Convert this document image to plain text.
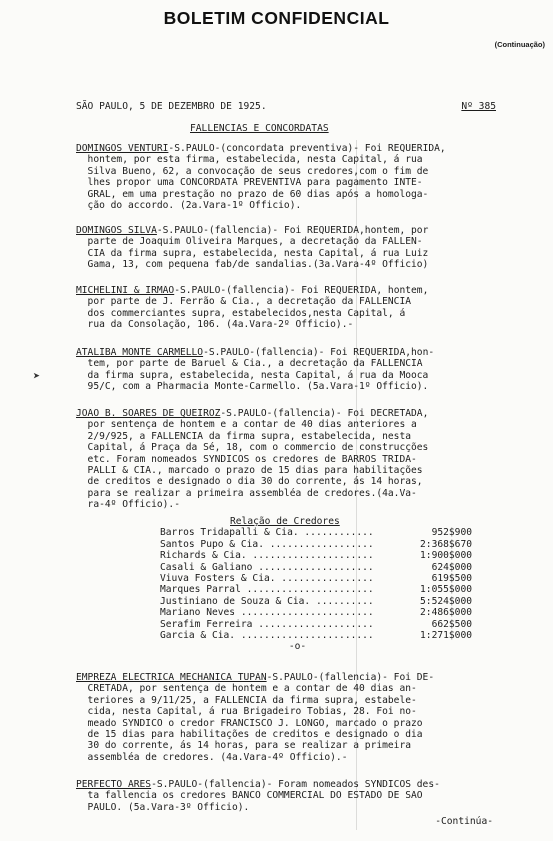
BOLETIM CONFIDENCIAL
(Continuação)
SÃO PAULO, 5 DE DEZEMBRO DE 1925.	Nº 385
FALLENCIAS E CONCORDATAS
➤
DOMINGOS VENTURI-S.PAULO-(concordata preventiva)- Foi REQUERIDA,
hontem, por esta firma, estabelecida, nesta Capital, á rua
Silva Bueno, 62, a convocação de seus credores,com o fim de
lhes propor uma CONCORDATA PREVENTIVA para pagamento INTE-
GRAL, em uma prestação no prazo de 60 dias após a homologa-
ção do accordo. (2a.Vara-1º Officio).
DOMINGOS SILVA-S.PAULO-(fallencia)- Foi REQUERIDA,hontem, por
parte de Joaquim Oliveira Marques, a decretação da FALLEN-
CIA da firma supra, estabelecida, nesta Capital, á rua Luiz
Gama, 13, com pequena fab/de sandalias.(3a.Vara-4º Officio)
MICHELINI & IRMÃO-S.PAULO-(fallencia)- Foi REQUERIDA, hontem,
por parte de J. Ferrão & Cia., a decretação da FALLENCIA
dos commerciantes supra, estabelecidos,nesta Capital, á
rua da Consolação, 106. (4a.Vara-2º Officio).-
ATALIBA MONTE CARMELLO-S.PAULO-(fallencia)- Foi REQUERIDA,hon-
tem, por parte de Baruel & Cia., a decretação da FALLENCIA
da firma supra, estabelecida, nesta Capital, á rua da Mooca
95/C, com a Pharmacia Monte-Carmello. (5a.Vara-1º Officio).
JOÃO B. SOARES DE QUEIROZ-S.PAULO-(fallencia)- Foi DECRETADA,
por sentença de hontem e a contar de 40 dias anteriores a
2/9/925, a FALLENCIA da firma supra, estabelecida, nesta
Capital, á Praça da Sé, 18, com o commercio de construcções
etc. Foram nomeados SYNDICOS os credores de BARROS TRIDA-
PALLI & CIA., marcado o prazo de 15 dias para habilitações
de creditos e designado o dia 30 do corrente, ás 14 horas,
para se realizar a primeira assembléa de credores.(4a.Va-
ra-4º Officio).-
Relação de Credores
Barros Tridapalli & Cia. ............	952$900
Santos Pupo & Cia. ..................	2:368$670
Richards & Cia. .....................	1:900$000
Casali & Galiano ....................	624$000
Viuva Fosters & Cia. ................	619$500
Marques Parral ......................	1:055$000
Justiniano de Souza & Cia. ..........	5:524$000
Mariano Neves .......................	2:486$000
Serafim Ferreira ....................	662$500
Garcia & Cia. .......................	1:271$000
-o-
EMPREZA ELECTRICA MECHANICA TUPAN-S.PAULO-(fallencia)- Foi DE-
CRETADA, por sentença de hontem e a contar de 40 dias an-
teriores a 9/11/25, a FALLENCIA da firma supra, estabele-
cida, nesta Capital, á rua Brigadeiro Tobias, 28. Foi no-
meado SYNDICO o credor FRANCISCO J. LONGO, marcado o prazo
de 15 dias para habilitações de creditos e designado o dia
30 do corrente, ás 14 horas, para se realizar a primeira
assembléa de credores. (4a.Vara-4º Officio).-
PERFECTO ARES-S.PAULO-(fallencia)- Foram nomeados SYNDICOS des-
ta fallencia os credores BANCO COMMERCIAL DO ESTADO DE SÃO
PAULO. (5a.Vara-3º Officio).
-Continúa-
